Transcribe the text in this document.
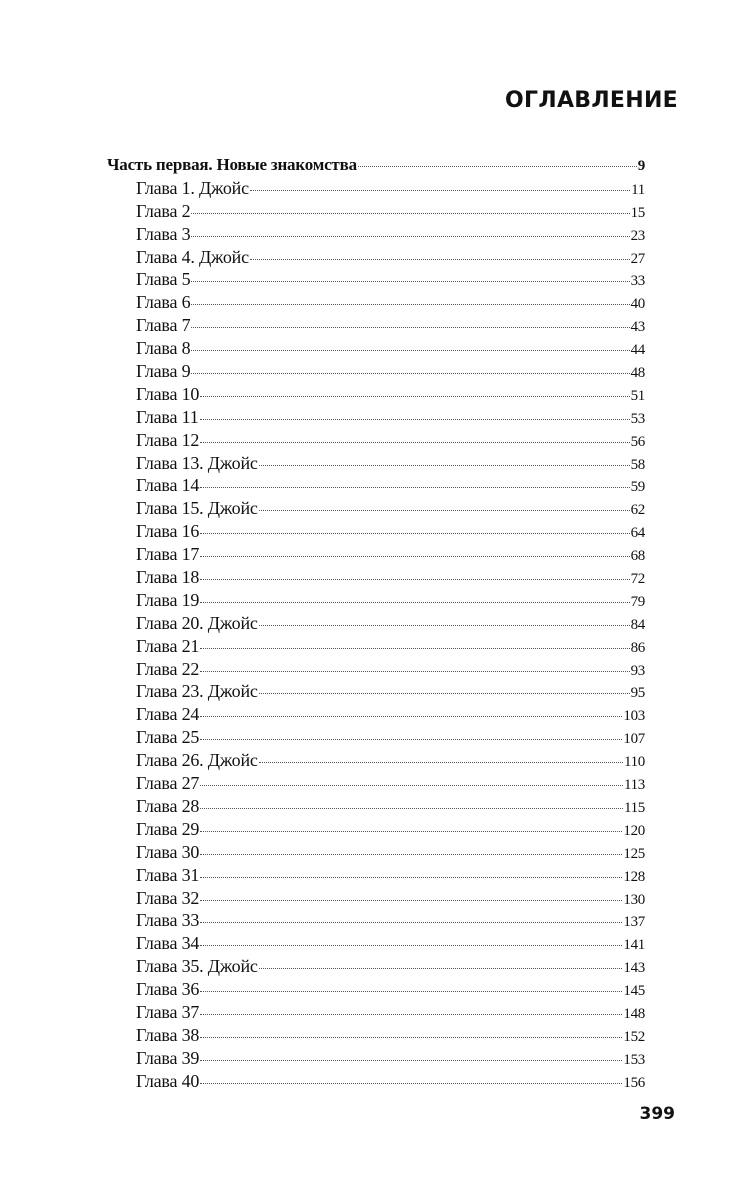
ОГЛАВЛЕНИЕ
Часть первая. Новые знакомства	9
Глава 1. Джойс	11
Глава 2	15
Глава 3	23
Глава 4. Джойс	27
Глава 5	33
Глава 6	40
Глава 7	43
Глава 8	44
Глава 9	48
Глава 10	51
Глава 11	53
Глава 12	56
Глава 13. Джойс	58
Глава 14	59
Глава 15. Джойс	62
Глава 16	64
Глава 17	68
Глава 18	72
Глава 19	79
Глава 20. Джойс	84
Глава 21	86
Глава 22	93
Глава 23. Джойс	95
Глава 24	103
Глава 25	107
Глава 26. Джойс	110
Глава 27	113
Глава 28	115
Глава 29	120
Глава 30	125
Глава 31	128
Глава 32	130
Глава 33	137
Глава 34	141
Глава 35. Джойс	143
Глава 36	145
Глава 37	148
Глава 38	152
Глава 39	153
Глава 40	156
399
